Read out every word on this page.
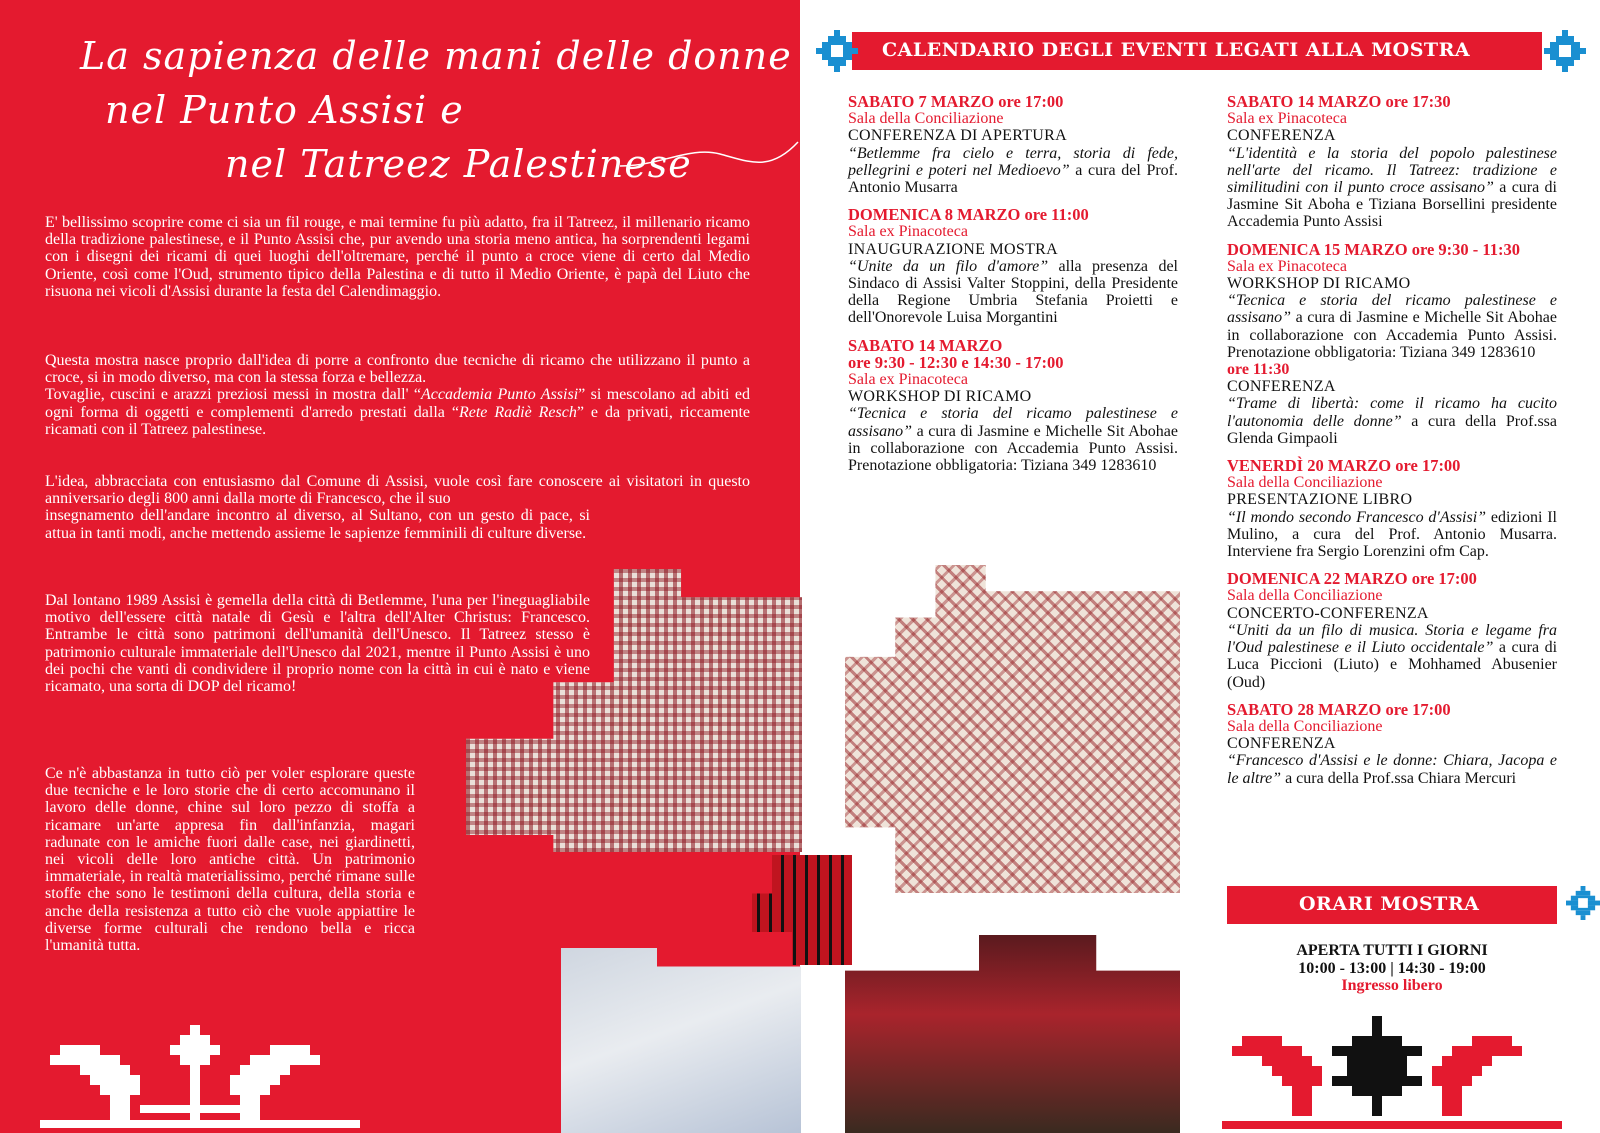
La sapienza delle mani delle donne
nel Punto Assisi e
nel Tatreez Palestinese
E' bellissimo scoprire come ci sia un fil rouge, e mai termine fu più adatto, fra il Tatreez, il millenario ricamo della tradizione palestinese, e il Punto Assisi che, pur avendo una storia meno antica, ha sorprendenti legami con i disegni dei ricami di quei luoghi dell'oltremare, perché il punto a croce viene di certo dal Medio Oriente, così come l'Oud, strumento tipico della Palestina e di tutto il Medio Oriente, è papà del Liuto che risuona nei vicoli d'Assisi durante la festa del Calendimaggio.
Questa mostra nasce proprio dall'idea di porre a confronto due tecniche di ricamo che utilizzano il punto a croce, si in modo diverso, ma con la stessa forza e bellezza.
Tovaglie, cuscini e arazzi preziosi messi in mostra dall' “Accademia Punto Assisi” si mescolano ad abiti ed ogni forma di oggetti e complementi d'arredo prestati dalla “Rete Radiè Resch” e da privati, riccamente ricamati con il Tatreez palestinese.
L'idea, abbracciata con entusiasmo dal Comune di Assisi, vuole così fare conoscere ai visitatori in questo anniversario degli 800 anni dalla morte di Francesco, che il suo
insegnamento dell'andare incontro al diverso, al Sultano, con un gesto di pace, si attua in tanti modi, anche mettendo assieme le sapienze femminili di culture diverse.
Dal lontano 1989 Assisi è gemella della città di Betlemme, l'una per l'ineguagliabile motivo dell'essere città natale di Gesù e l'altra dell'Alter Christus: Francesco. Entrambe le città sono patrimoni dell'umanità dell'Unesco. Il Tatreez stesso è patrimonio culturale immateriale dell'Unesco dal 2021, mentre il Punto Assisi è uno dei pochi che vanti di condividere il proprio nome con la città in cui è nato e viene ricamato, una sorta di DOP del ricamo!
Ce n'è abbastanza in tutto ciò per voler esplorare queste due tecniche e le loro storie che di certo accomunano il lavoro delle donne, chine sul loro pezzo di stoffa a ricamare un'arte appresa fin dall'infanzia, magari radunate con le amiche fuori dalle case, nei giardinetti, nei vicoli delle loro antiche città. Un patrimonio immateriale, in realtà materialissimo, perché rimane sulle stoffe che sono le testimoni della cultura, della storia e anche della resistenza a tutto ciò che vuole appiattire le diverse forme culturali che rendono bella e ricca l'umanità tutta.
CALENDARIO DEGLI EVENTI LEGATI ALLA MOSTRA
SABATO 7 MARZO ore 17:00
Sala della Conciliazione
CONFERENZA DI APERTURA
“Betlemme fra cielo e terra, storia di fede, pellegrini e poteri nel Medioevo” a cura del Prof. Antonio Musarra
DOMENICA 8 MARZO ore 11:00
Sala ex Pinacoteca
INAUGURAZIONE MOSTRA
“Unite da un filo d'amore” alla presenza del Sindaco di Assisi Valter Stoppini, della Presidente della Regione Umbria Stefania Proietti e dell'Onorevole Luisa Morgantini
SABATO 14 MARZO
ore 9:30 - 12:30 e 14:30 - 17:00
Sala ex Pinacoteca
WORKSHOP DI RICAMO
“Tecnica e storia del ricamo palestinese e assisano” a cura di Jasmine e Michelle Sit Abohae in collaborazione con Accademia Punto Assisi. Prenotazione obbligatoria: Tiziana 349 1283610
SABATO 14 MARZO ore 17:30
Sala ex Pinacoteca
CONFERENZA
“L'identità e la storia del popolo palestinese nell'arte del ricamo. Il Tatreez: tradizione e similitudini con il punto croce assisano” a cura di Jasmine Sit Aboha e Tiziana Borsellini presidente Accademia Punto Assisi
DOMENICA 15 MARZO ore 9:30 - 11:30
Sala ex Pinacoteca
WORKSHOP DI RICAMO
“Tecnica e storia del ricamo palestinese e assisano” a cura di Jasmine e Michelle Sit Abohae in collaborazione con Accademia Punto Assisi. Prenotazione obbligatoria: Tiziana 349 1283610
ore 11:30
CONFERENZA
“Trame di libertà: come il ricamo ha cucito l'autonomia delle donne” a cura della Prof.ssa Glenda Gimpaoli
VENERDÌ 20 MARZO ore 17:00
Sala della Conciliazione
PRESENTAZIONE LIBRO
“Il mondo secondo Francesco d'Assisi” edizioni Il Mulino, a cura del Prof. Antonio Musarra. Interviene fra Sergio Lorenzini ofm Cap.
DOMENICA 22 MARZO ore 17:00
Sala della Conciliazione
CONCERTO-CONFERENZA
“Uniti da un filo di musica. Storia e legame fra l'Oud palestinese e il Liuto occidentale” a cura di Luca Piccioni (Liuto) e Mohhamed Abusenier (Oud)
SABATO 28 MARZO ore 17:00
Sala della Conciliazione
CONFERENZA
“Francesco d'Assisi e le donne: Chiara, Jacopa e le altre” a cura della Prof.ssa Chiara Mercuri
ORARI MOSTRA
APERTA TUTTI I GIORNI
10:00 - 13:00 | 14:30 - 19:00
Ingresso libero
